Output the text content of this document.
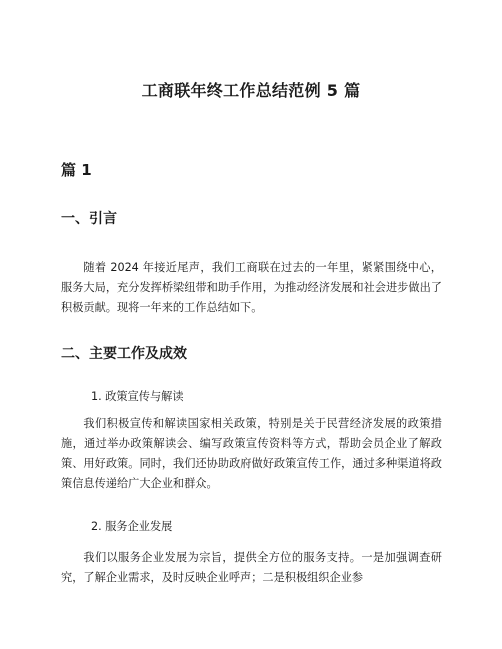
工商联年终工作总结范例 5 篇
篇 1
一、引言
随着 2024 年接近尾声，我们工商联在过去的一年里，紧紧围绕中心，服务大局，充分发挥桥梁纽带和助手作用，为推动经济发展和社会进步做出了积极贡献。现将一年来的工作总结如下。
二、主要工作及成效
1. 政策宣传与解读
我们积极宣传和解读国家相关政策，特别是关于民营经济发展的政策措施，通过举办政策解读会、编写政策宣传资料等方式，帮助会员企业了解政策、用好政策。同时，我们还协助政府做好政策宣传工作，通过多种渠道将政策信息传递给广大企业和群众。
2. 服务企业发展
我们以服务企业发展为宗旨，提供全方位的服务支持。一是加强调查研究，了解企业需求，及时反映企业呼声；二是积极组织企业参
